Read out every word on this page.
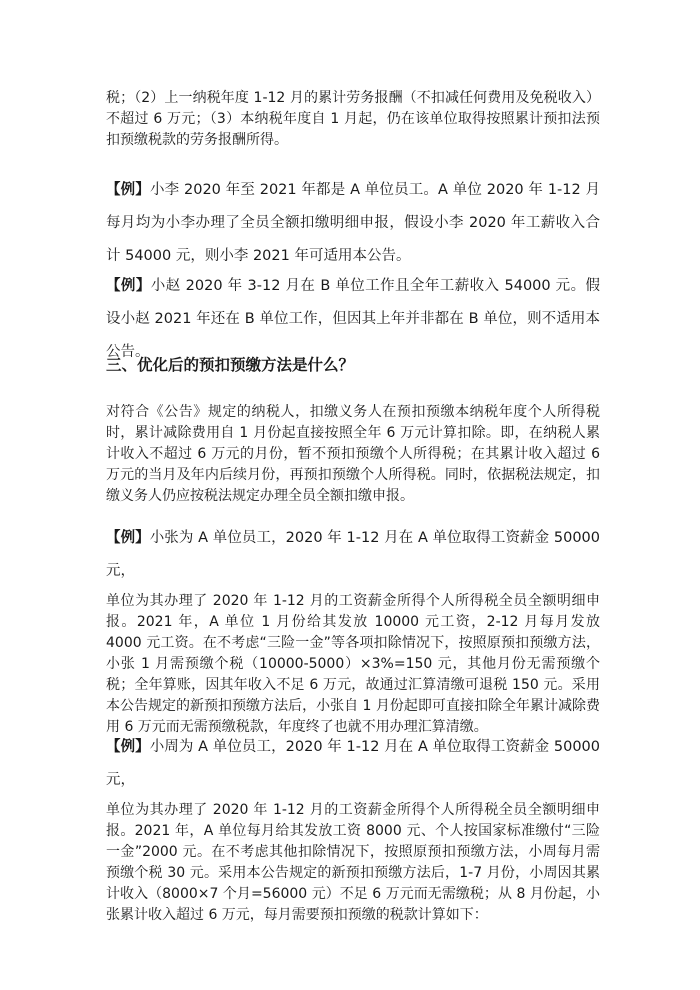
税；（2）上一纳税年度 1-12 月的累计劳务报酬（不扣减任何费用及免税收入）不超过 6 万元；（3）本纳税年度自 1 月起，仍在该单位取得按照累计预扣法预扣预缴税款的劳务报酬所得。

【例】小李 2020 年至 2021 年都是 A 单位员工。A 单位 2020 年 1-12 月每月均为小李办理了全员全额扣缴明细申报，假设小李 2020 年工薪收入合计 54000 元，则小李 2021 年可适用本公告。

【例】小赵 2020 年 3-12 月在 B 单位工作且全年工薪收入 54000 元。假设小赵 2021 年还在 B 单位工作，但因其上年并非都在 B 单位，则不适用本公告。

三、优化后的预扣预缴方法是什么？

对符合《公告》规定的纳税人，扣缴义务人在预扣预缴本纳税年度个人所得税时，累计减除费用自 1 月份起直接按照全年 6 万元计算扣除。即，在纳税人累计收入不超过 6 万元的月份，暂不预扣预缴个人所得税；在其累计收入超过 6 万元的当月及年内后续月份，再预扣预缴个人所得税。同时，依据税法规定，扣缴义务人仍应按税法规定办理全员全额扣缴申报。

【例】小张为 A 单位员工，2020 年 1-12 月在 A 单位取得工资薪金 50000 元，
单位为其办理了 2020 年 1-12 月的工资薪金所得个人所得税全员全额明细申报。2021 年，A 单位 1 月份给其发放 10000 元工资，2-12 月每月发放 4000 元工资。在不考虑“三险一金”等各项扣除情况下，按照原预扣预缴方法，小张 1 月需预缴个税（10000-5000）×3%=150 元，其他月份无需预缴个税；全年算账，因其年收入不足 6 万元，故通过汇算清缴可退税 150 元。采用本公告规定的新预扣预缴方法后，小张自 1 月份起即可直接扣除全年累计减除费用 6 万元而无需预缴税款，年度终了也就不用办理汇算清缴。
【例】小周为 A 单位员工，2020 年 1-12 月在 A 单位取得工资薪金 50000 元，
单位为其办理了 2020 年 1-12 月的工资薪金所得个人所得税全员全额明细申报。2021 年，A 单位每月给其发放工资 8000 元、个人按国家标准缴付“三险一金”2000 元。在不考虑其他扣除情况下，按照原预扣预缴方法，小周每月需预缴个税 30 元。采用本公告规定的新预扣预缴方法后，1-7 月份，小周因其累计收入（8000×7 个月=56000 元）不足 6 万元而无需缴税；从 8 月份起，小张累计收入超过 6 万元，每月需要预扣预缴的税款计算如下：
